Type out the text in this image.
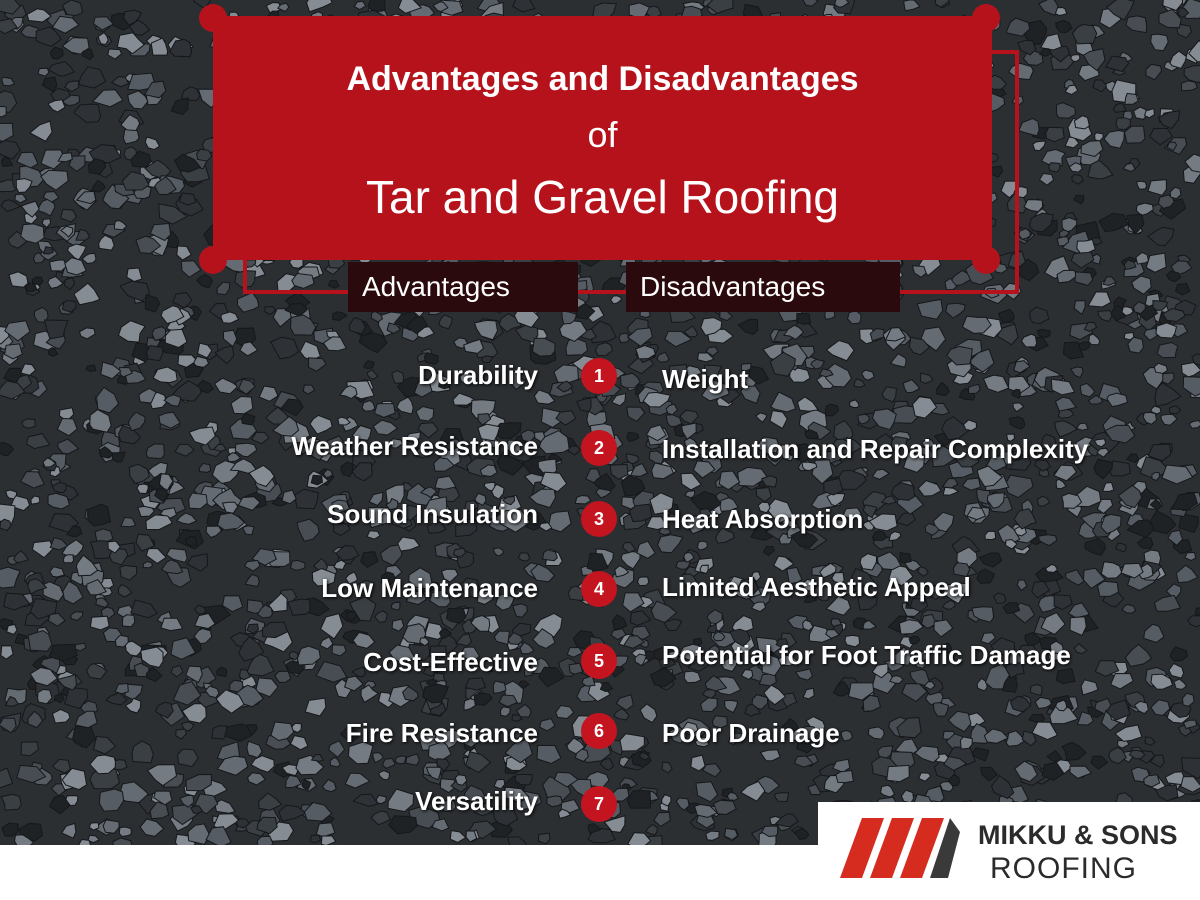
Advantages and Disadvantages
of
Tar and Gravel Roofing
Advantages	Disadvantages
Durability	1	Weight
Weather Resistance	2	Installation and Repair Complexity
Sound Insulation	3	Heat Absorption
Low Maintenance	4	Limited Aesthetic Appeal
Cost-Effective	5	Potential for Foot Traffic Damage
Fire Resistance	6	Poor Drainage
Versatility	7
MIKKU & SONS
ROOFING
